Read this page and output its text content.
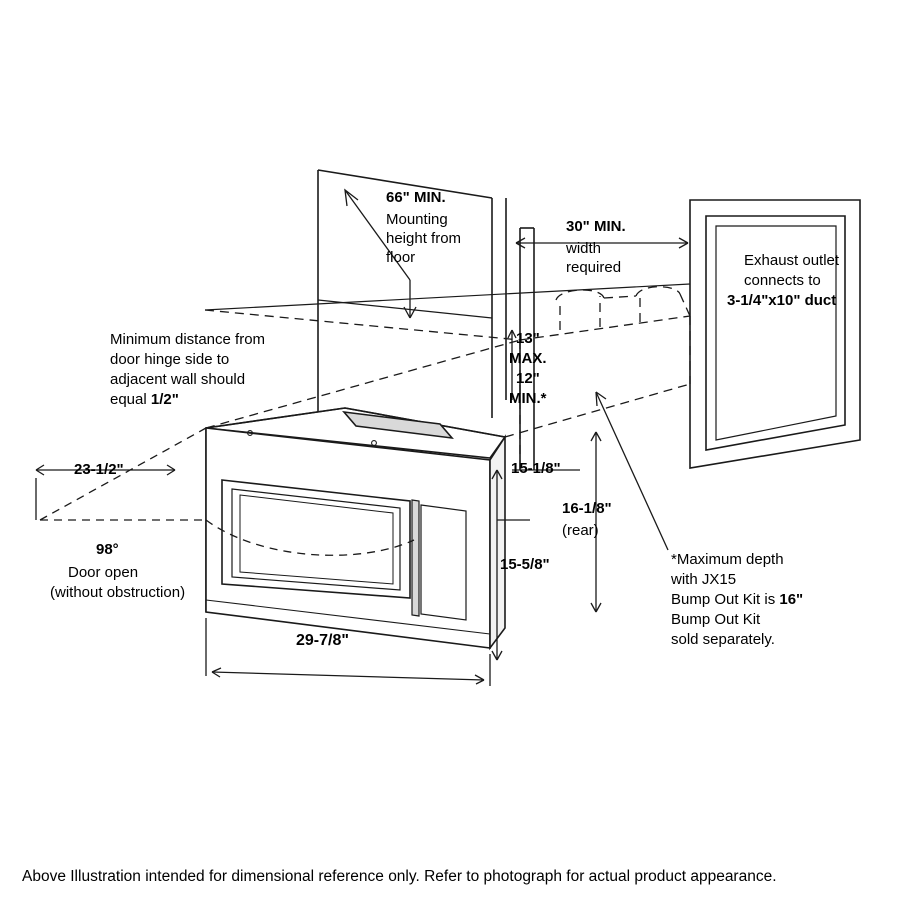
66" MIN.
Mounting
height from
floor
30" MIN.
width
required	Exhaust outlet
connects to
3-1/4"x10" duct
Minimum distance from
door hinge side to
adjacent wall should
equal 1/2"
13"
MAX.
12"
MIN.*
23-1/2"	15-1/8"
16-1/8"
(rear)
15-5/8"
98°
Door open
(without obstruction)
29-7/8"
*Maximum depth
with JX15
Bump Out Kit is 16"
Bump Out Kit
sold separately.
Above Illustration intended for dimensional reference only. Refer to photograph for actual product appearance.
